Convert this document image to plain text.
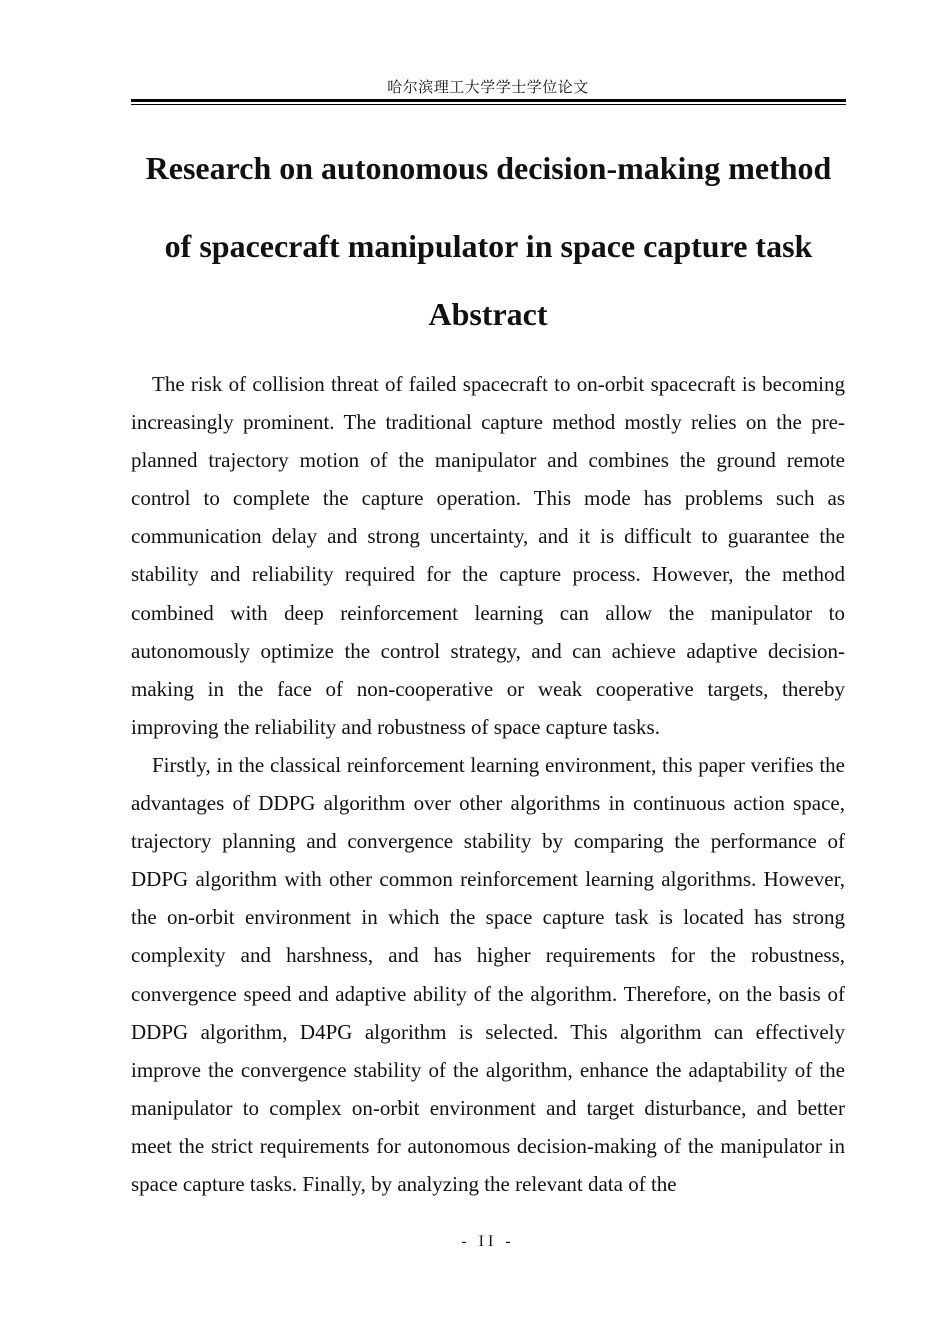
哈尔滨理工大学学士学位论文
Research on autonomous decision-making method
of spacecraft manipulator in space capture task
Abstract

The risk of collision threat of failed spacecraft to on-orbit spacecraft is becoming increasingly prominent. The traditional capture method mostly relies on the pre-planned trajectory motion of the manipulator and combines the ground remote control to complete the capture operation. This mode has problems such as communication delay and strong uncertainty, and it is difficult to guarantee the stability and reliability required for the capture process. However, the method combined with deep reinforcement learning can allow the manipulator to autonomously optimize the control strategy, and can achieve adaptive decision-making in the face of non-cooperative or weak cooperative targets, thereby improving the reliability and robustness of space capture tasks.

Firstly, in the classical reinforcement learning environment, this paper verifies the advantages of DDPG algorithm over other algorithms in continuous action space, trajectory planning and convergence stability by comparing the performance of DDPG algorithm with other common reinforcement learning algorithms. However, the on-orbit environment in which the space capture task is located has strong complexity and harshness, and has higher requirements for the robustness, convergence speed and adaptive ability of the algorithm. Therefore, on the basis of DDPG algorithm, D4PG algorithm is selected. This algorithm can effectively improve the convergence stability of the algorithm, enhance the adaptability of the manipulator to complex on-orbit environment and target disturbance, and better meet the strict requirements for autonomous decision-making of the manipulator in space capture tasks. Finally, by analyzing the relevant data of the

- II -
